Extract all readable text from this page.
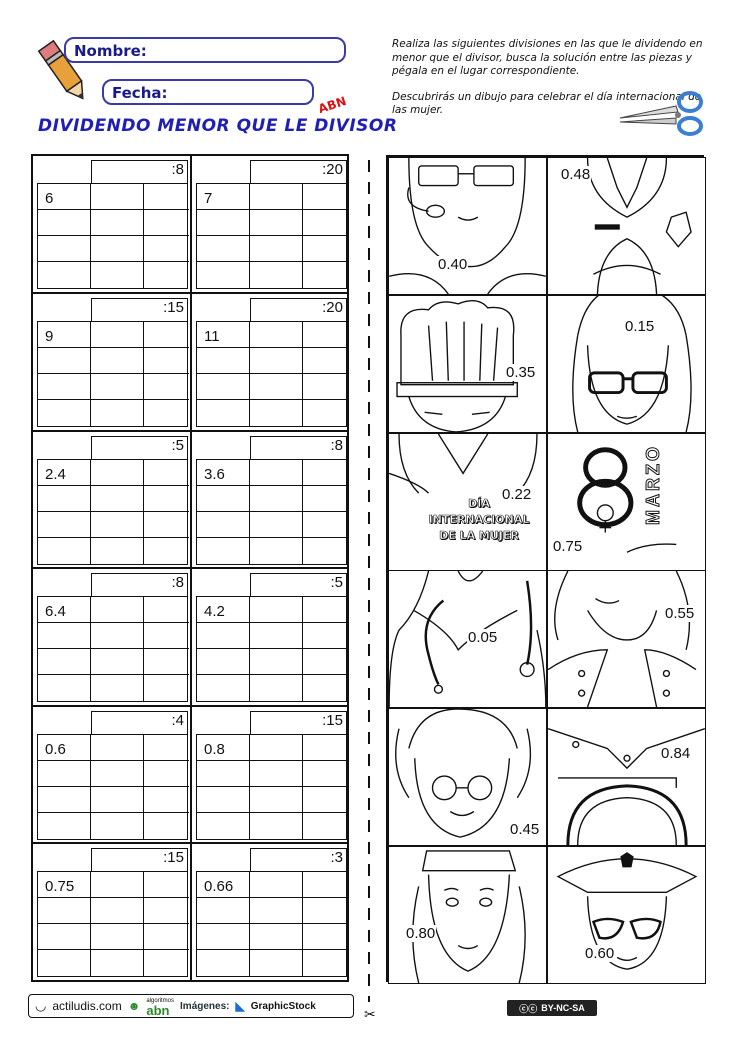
Nombre:
Fecha:
DIVIDENDO MENOR QUE LE DIVISOR
ABN

Realiza las siguientes divisiones en las que le dividendo en menor que el divisor, busca la solución entre las piezas y pégala en el lugar correspondiente.

Descubrirás un dibujo para celebrar el día internacional de las mujer.

:8
6
:20
7
:15
9
:20
11
:5
2.4
:8
3.6
:8
6.4
:5
4.2
:4
0.6
:15
0.8
:15
0.75
:3
0.66
✂
0.40
0.48
0.35
0.15
DÍA
INTERNACIONAL
DE LA MUJER
0.22	MARZO
0.75
0.05
0.55
0.45
0.84
0.80
0.60
◡ actiludis.com ☻ algoritmos
abn	Imágenes: ◣ GraphicStock	ⓒⓒ BY-NC-SA
